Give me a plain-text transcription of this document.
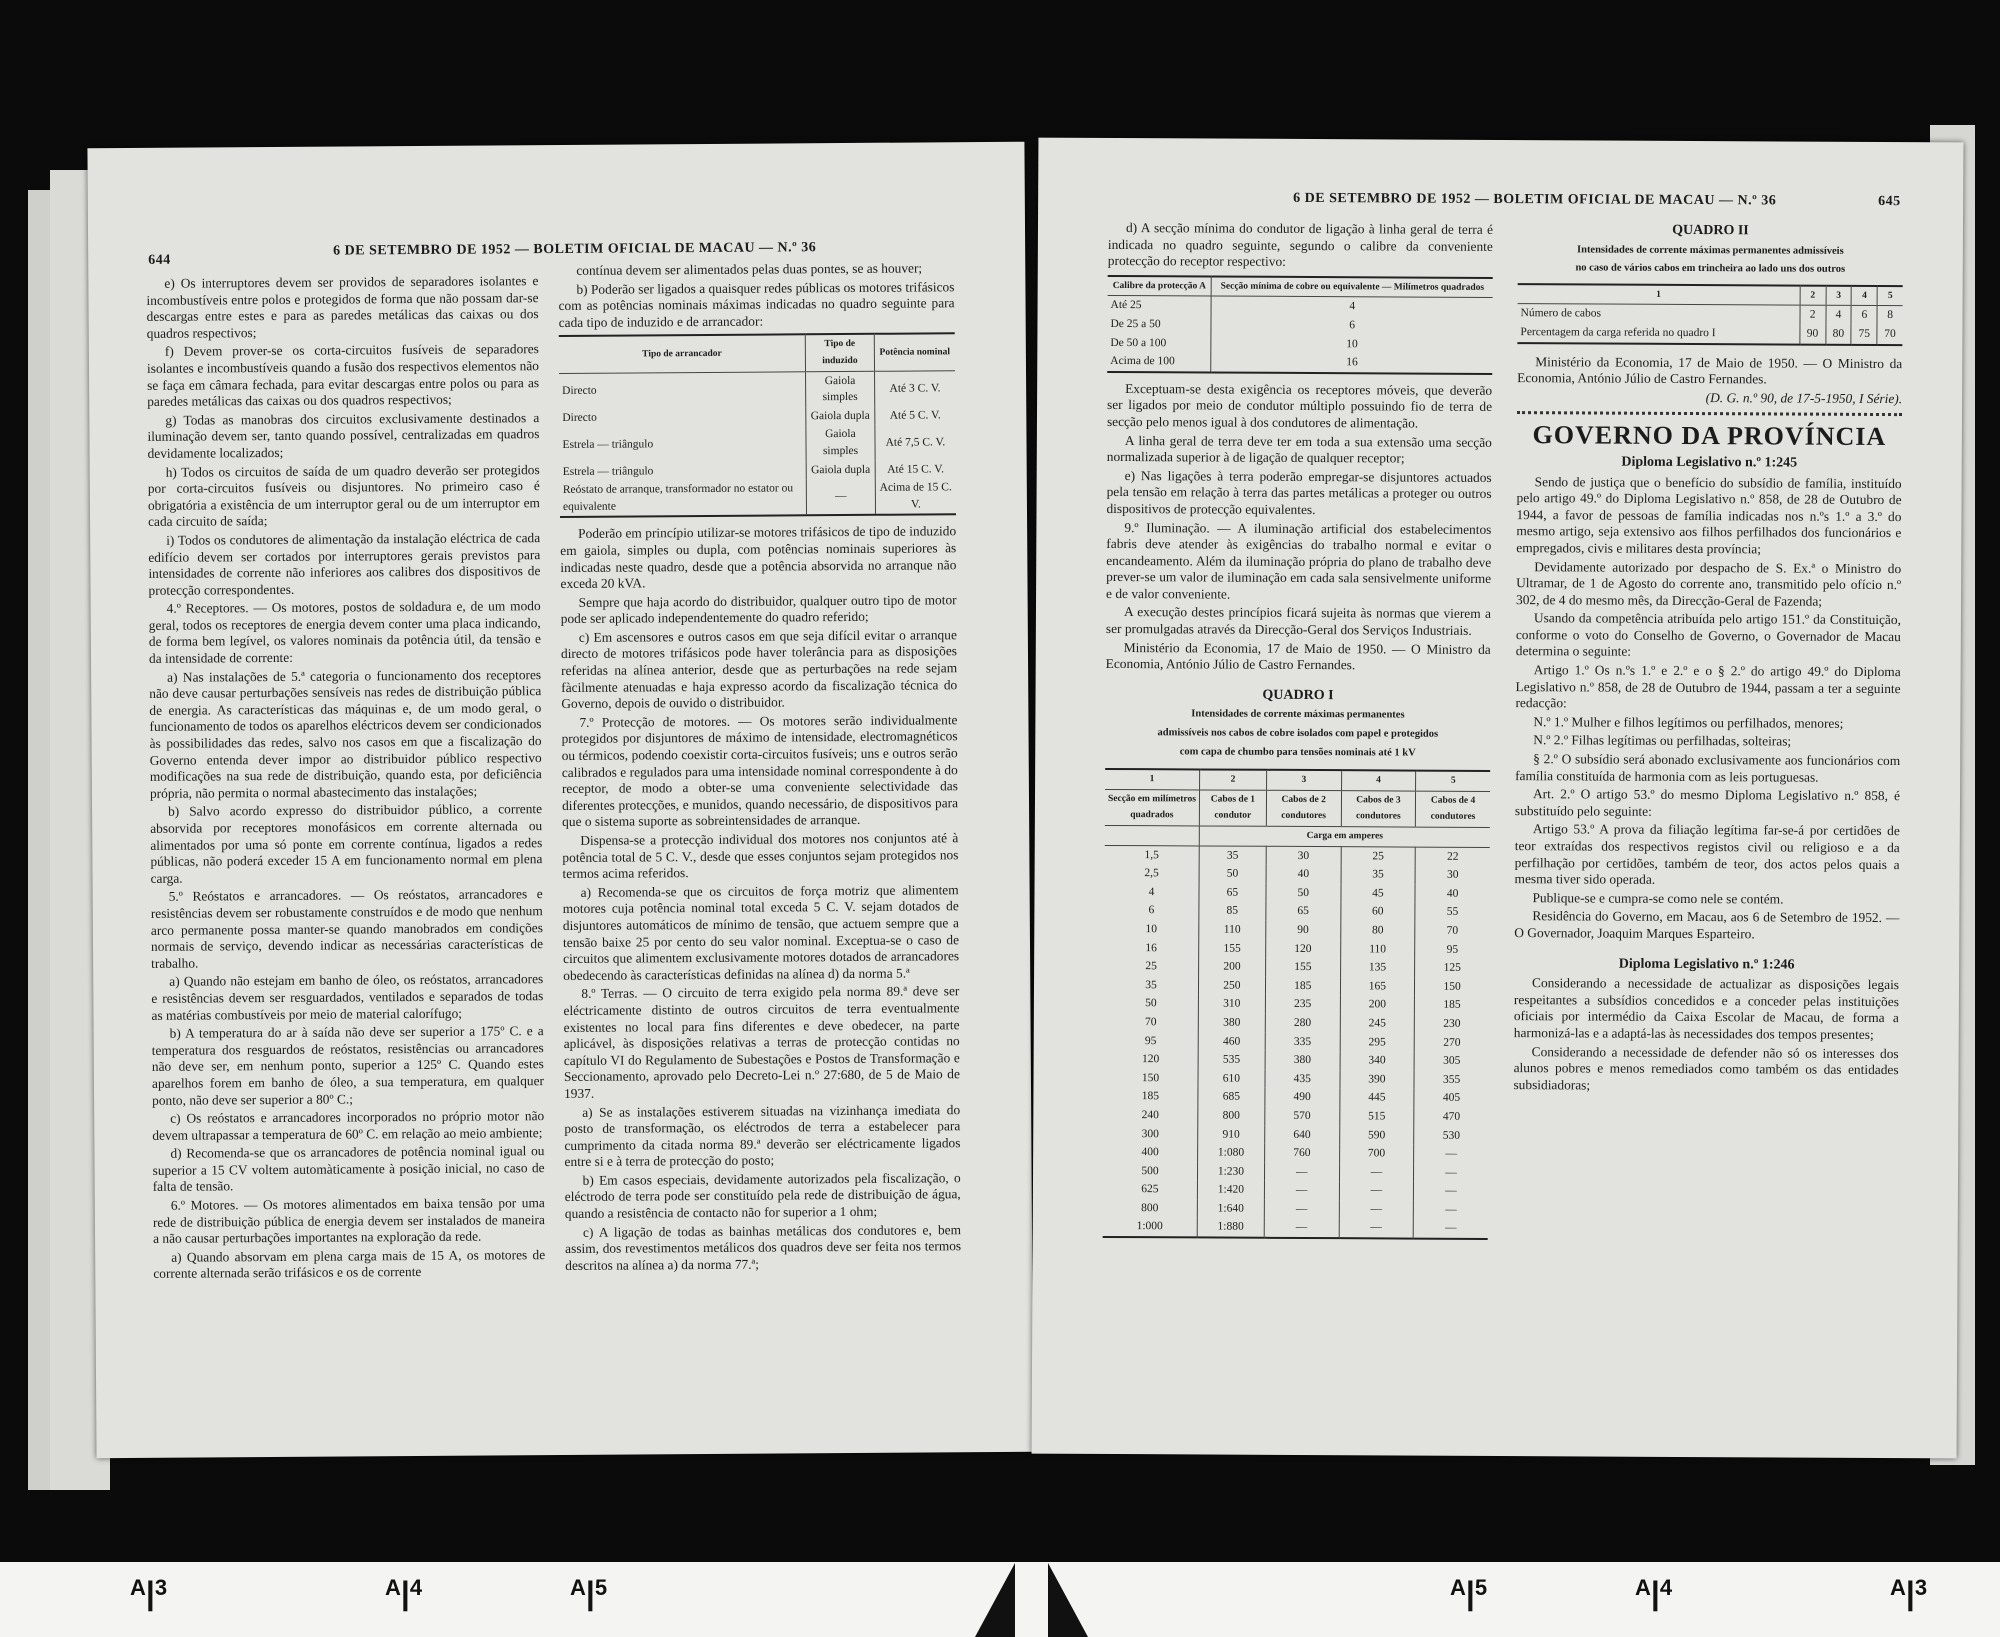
644
6 DE SETEMBRO DE 1952 — BOLETIM OFICIAL DE MACAU — N.º 36

e) Os interruptores devem ser providos de separadores isolantes e incombustíveis entre polos e protegidos de forma que não possam dar-se descargas entre estes e para as paredes metálicas das caixas ou dos quadros respectivos;

f) Devem prover-se os corta-circuitos fusíveis de separadores isolantes e incombustíveis quando a fusão dos respectivos elementos não se faça em câmara fechada, para evitar descargas entre polos ou para as paredes metálicas das caixas ou dos quadros respectivos;

g) Todas as manobras dos circuitos exclusivamente destinados a iluminação devem ser, tanto quando possível, centralizadas em quadros devidamente localizados;

h) Todos os circuitos de saída de um quadro deverão ser protegidos por corta-circuitos fusíveis ou disjuntores. No primeiro caso é obrigatória a existência de um interruptor geral ou de um interruptor em cada circuito de saída;

i) Todos os condutores de alimentação da instalação eléctrica de cada edifício devem ser cortados por interruptores gerais previstos para intensidades de corrente não inferiores aos calibres dos dispositivos de protecção correspondentes.

4.º Receptores. — Os motores, postos de soldadura e, de um modo geral, todos os receptores de energia devem conter uma placa indicando, de forma bem legível, os valores nominais da potência útil, da tensão e da intensidade de corrente:

a) Nas instalações de 5.ª categoria o funcionamento dos receptores não deve causar perturbações sensíveis nas redes de distribuição pública de energia. As características das máquinas e, de um modo geral, o funcionamento de todos os aparelhos eléctricos devem ser condicionados às possibilidades das redes, salvo nos casos em que a fiscalização do Governo entenda dever impor ao distribuidor público respectivo modificações na sua rede de distribuição, quando esta, por deficiência própria, não permita o normal abastecimento das instalações;

b) Salvo acordo expresso do distribuidor público, a corrente absorvida por receptores monofásicos em corrente alternada ou alimentados por uma só ponte em corrente contínua, ligados a redes públicas, não poderá exceder 15 A em funcionamento normal em plena carga.

5.º Reóstatos e arrancadores. — Os reóstatos, arrancadores e resistências devem ser robustamente construídos e de modo que nenhum arco permanente possa manter-se quando manobrados em condições normais de serviço, devendo indicar as necessárias características de trabalho.

a) Quando não estejam em banho de óleo, os reóstatos, arrancadores e resistências devem ser resguardados, ventilados e separados de todas as matérias combustíveis por meio de material calorífugo;

b) A temperatura do ar à saída não deve ser superior a 175º C. e a temperatura dos resguardos de reóstatos, resistências ou arrancadores não deve ser, em nenhum ponto, superior a 125º C. Quando estes aparelhos forem em banho de óleo, a sua temperatura, em qualquer ponto, não deve ser superior a 80º C.;

c) Os reóstatos e arrancadores incorporados no próprio motor não devem ultrapassar a temperatura de 60º C. em relação ao meio ambiente;

d) Recomenda-se que os arrancadores de potência nominal igual ou superior a 15 CV voltem automàticamente à posição inicial, no caso de falta de tensão.

6.º Motores. — Os motores alimentados em baixa tensão por uma rede de distribuição pública de energia devem ser instalados de maneira a não causar perturbações importantes na exploração da rede.

a) Quando absorvam em plena carga mais de 15 A, os motores de corrente alternada serão trifásicos e os de corrente

contínua devem ser alimentados pelas duas pontes, se as houver;

b) Poderão ser ligados a quaisquer redes públicas os motores trifásicos com as potências nominais máximas indicadas no quadro seguinte para cada tipo de induzido e de arrancador:

Tipo de arrancador	Tipo de induzido	Potência nominal
Directo	Gaiola simples	Até 3 C. V.
Directo	Gaiola dupla	Até 5 C. V.
Estrela — triângulo	Gaiola simples	Até 7,5 C. V.
Estrela — triângulo	Gaiola dupla	Até 15 C. V.
Reóstato de arranque, transformador no estator ou equivalente	—	Acima de 15 C. V.

Poderão em princípio utilizar-se motores trifásicos de tipo de induzido em gaiola, simples ou dupla, com potências nominais superiores às indicadas neste quadro, desde que a potência absorvida no arranque não exceda 20 kVA.

Sempre que haja acordo do distribuidor, qualquer outro tipo de motor pode ser aplicado independentemente do quadro referido;

c) Em ascensores e outros casos em que seja difícil evitar o arranque directo de motores trifásicos pode haver tolerância para as disposições referidas na alínea anterior, desde que as perturbações na rede sejam fàcilmente atenuadas e haja expresso acordo da fiscalização técnica do Governo, depois de ouvido o distribuidor.

7.º Protecção de motores. — Os motores serão individualmente protegidos por disjuntores de máximo de intensidade, electromagnéticos ou térmicos, podendo coexistir corta-circuitos fusíveis; uns e outros serão calibrados e regulados para uma intensidade nominal correspondente à do receptor, de modo a obter-se uma conveniente selectividade das diferentes protecções, e munidos, quando necessário, de dispositivos para que o sistema suporte as sobreintensidades de arranque.

Dispensa-se a protecção individual dos motores nos conjuntos até à potência total de 5 C. V., desde que esses conjuntos sejam protegidos nos termos acima referidos.

a) Recomenda-se que os circuitos de força motriz que alimentem motores cuja potência nominal total exceda 5 C. V. sejam dotados de disjuntores automáticos de mínimo de tensão, que actuem sempre que a tensão baixe 25 por cento do seu valor nominal. Exceptua-se o caso de circuitos que alimentem exclusivamente motores dotados de arrancadores obedecendo às características definidas na alínea d) da norma 5.ª

8.º Terras. — O circuito de terra exigido pela norma 89.ª deve ser eléctricamente distinto de outros circuitos de terra eventualmente existentes no local para fins diferentes e deve obedecer, na parte aplicável, às disposições relativas a terras de protecção contidas no capítulo VI do Regulamento de Subestações e Postos de Transformação e Seccionamento, aprovado pelo Decreto-Lei n.º 27:680, de 5 de Maio de 1937.

a) Se as instalações estiverem situadas na vizinhança imediata do posto de transformação, os eléctrodos de terra a estabelecer para cumprimento da citada norma 89.ª deverão ser eléctricamente ligados entre si e à terra de protecção do posto;

b) Em casos especiais, devidamente autorizados pela fiscalização, o eléctrodo de terra pode ser constituído pela rede de distribuição de água, quando a resistência de contacto não for superior a 1 ohm;

c) A ligação de todas as bainhas metálicas dos condutores e, bem assim, dos revestimentos metálicos dos quadros deve ser feita nos termos descritos na alínea a) da norma 77.ª;

6 DE SETEMBRO DE 1952 — BOLETIM OFICIAL DE MACAU — N.º 36	645

d) A secção mínima do condutor de ligação à linha geral de terra é indicada no quadro seguinte, segundo o calibre da conveniente protecção do receptor respectivo:

Calibre da protecção A	Secção mínima de cobre ou equivalente — Milímetros quadrados
Até 25	4
De 25 a 50	6
De 50 a 100	10
Acima de 100	16

Exceptuam-se desta exigência os receptores móveis, que deverão ser ligados por meio de condutor múltiplo possuindo fio de terra de secção pelo menos igual à dos condutores de alimentação.

A linha geral de terra deve ter em toda a sua extensão uma secção normalizada superior à de ligação de qualquer receptor;

e) Nas ligações à terra poderão empregar-se disjuntores actuados pela tensão em relação à terra das partes metálicas a proteger ou outros dispositivos de protecção equivalentes.

9.º Iluminação. — A iluminação artificial dos estabelecimentos fabris deve atender às exigências do trabalho normal e evitar o encandeamento. Além da iluminação própria do plano de trabalho deve prever-se um valor de iluminação em cada sala sensivelmente uniforme e de valor conveniente.

A execução destes princípios ficará sujeita às normas que vierem a ser promulgadas através da Direcção-Geral dos Serviços Industriais.

Ministério da Economia, 17 de Maio de 1950. — O Ministro da Economia, António Júlio de Castro Fernandes.

QUADRO I

Intensidades de corrente máximas permanentes

admissíveis nos cabos de cobre isolados com papel e protegidos

com capa de chumbo para tensões nominais até 1 kV

1	2	3	4	5
Secção em milímetros quadrados	Cabos de 1 condutor	Cabos de 2 condutores	Cabos de 3 condutores	Cabos de 4 condutores
	Carga em amperes			
1,5	35	30	25	22
2,5	50	40	35	30
4	65	50	45	40
6	85	65	60	55
10	110	90	80	70
16	155	120	110	95
25	200	155	135	125
35	250	185	165	150
50	310	235	200	185
70	380	280	245	230
95	460	335	295	270
120	535	380	340	305
150	610	435	390	355
185	685	490	445	405
240	800	570	515	470
300	910	640	590	530
400	1:080	760	700	—
500	1:230	—	—	—
625	1:420	—	—	—
800	1:640	—	—	—
1:000	1:880	—	—	—

QUADRO II

Intensidades de corrente máximas permanentes admissíveis

no caso de vários cabos em trincheira ao lado uns dos outros

1	2	3	4	5
Número de cabos	2	4	6	8
Percentagem da carga referida no quadro I	90	80	75	70

Ministério da Economia, 17 de Maio de 1950. — O Ministro da Economia, António Júlio de Castro Fernandes.

(D. G. n.º 90, de 17-5-1950, I Série).

GOVERNO DA PROVÍNCIA

Diploma Legislativo n.º 1:245

Sendo de justiça que o benefício do subsídio de família, instituído pelo artigo 49.º do Diploma Legislativo n.º 858, de 28 de Outubro de 1944, a favor de pessoas de família indicadas nos n.ºs 1.º a 3.º do mesmo artigo, seja extensivo aos filhos perfilhados dos funcionários e empregados, civis e militares desta província;

Devidamente autorizado por despacho de S. Ex.ª o Ministro do Ultramar, de 1 de Agosto do corrente ano, transmitido pelo ofício n.º 302, de 4 do mesmo mês, da Direcção-Geral de Fazenda;

Usando da competência atribuída pelo artigo 151.º da Constituição, conforme o voto do Conselho de Governo, o Governador de Macau determina o seguinte:

Artigo 1.º Os n.ºs 1.º e 2.º e o § 2.º do artigo 49.º do Diploma Legislativo n.º 858, de 28 de Outubro de 1944, passam a ter a seguinte redacção:

N.º 1.º Mulher e filhos legítimos ou perfilhados, menores;

N.º 2.º Filhas legítimas ou perfilhadas, solteiras;

§ 2.º O subsídio será abonado exclusivamente aos funcionários com família constituída de harmonia com as leis portuguesas.

Art. 2.º O artigo 53.º do mesmo Diploma Legislativo n.º 858, é substituído pelo seguinte:

Artigo 53.º A prova da filiação legítima far-se-á por certidões de teor extraídas dos respectivos registos civil ou religioso e a da perfilhação por certidões, também de teor, dos actos pelos quais a mesma tiver sido operada.

Publique-se e cumpra-se como nele se contém.

Residência do Governo, em Macau, aos 6 de Setembro de 1952. — O Governador, Joaquim Marques Esparteiro.

Diploma Legislativo n.º 1:246

Considerando a necessidade de actualizar as disposições legais respeitantes a subsídios concedidos e a conceder pelas instituições oficiais por intermédio da Caixa Escolar de Macau, de forma a harmonizá-las e a adaptá-las às necessidades dos tempos presentes;

Considerando a necessidade de defender não só os interesses dos alunos pobres e menos remediados como também os das entidades subsidiadoras;

$^A|^3$	$^A|^4$	$^A|^5$	$^A|^5$	$^A|^4$	$^A|^3$
